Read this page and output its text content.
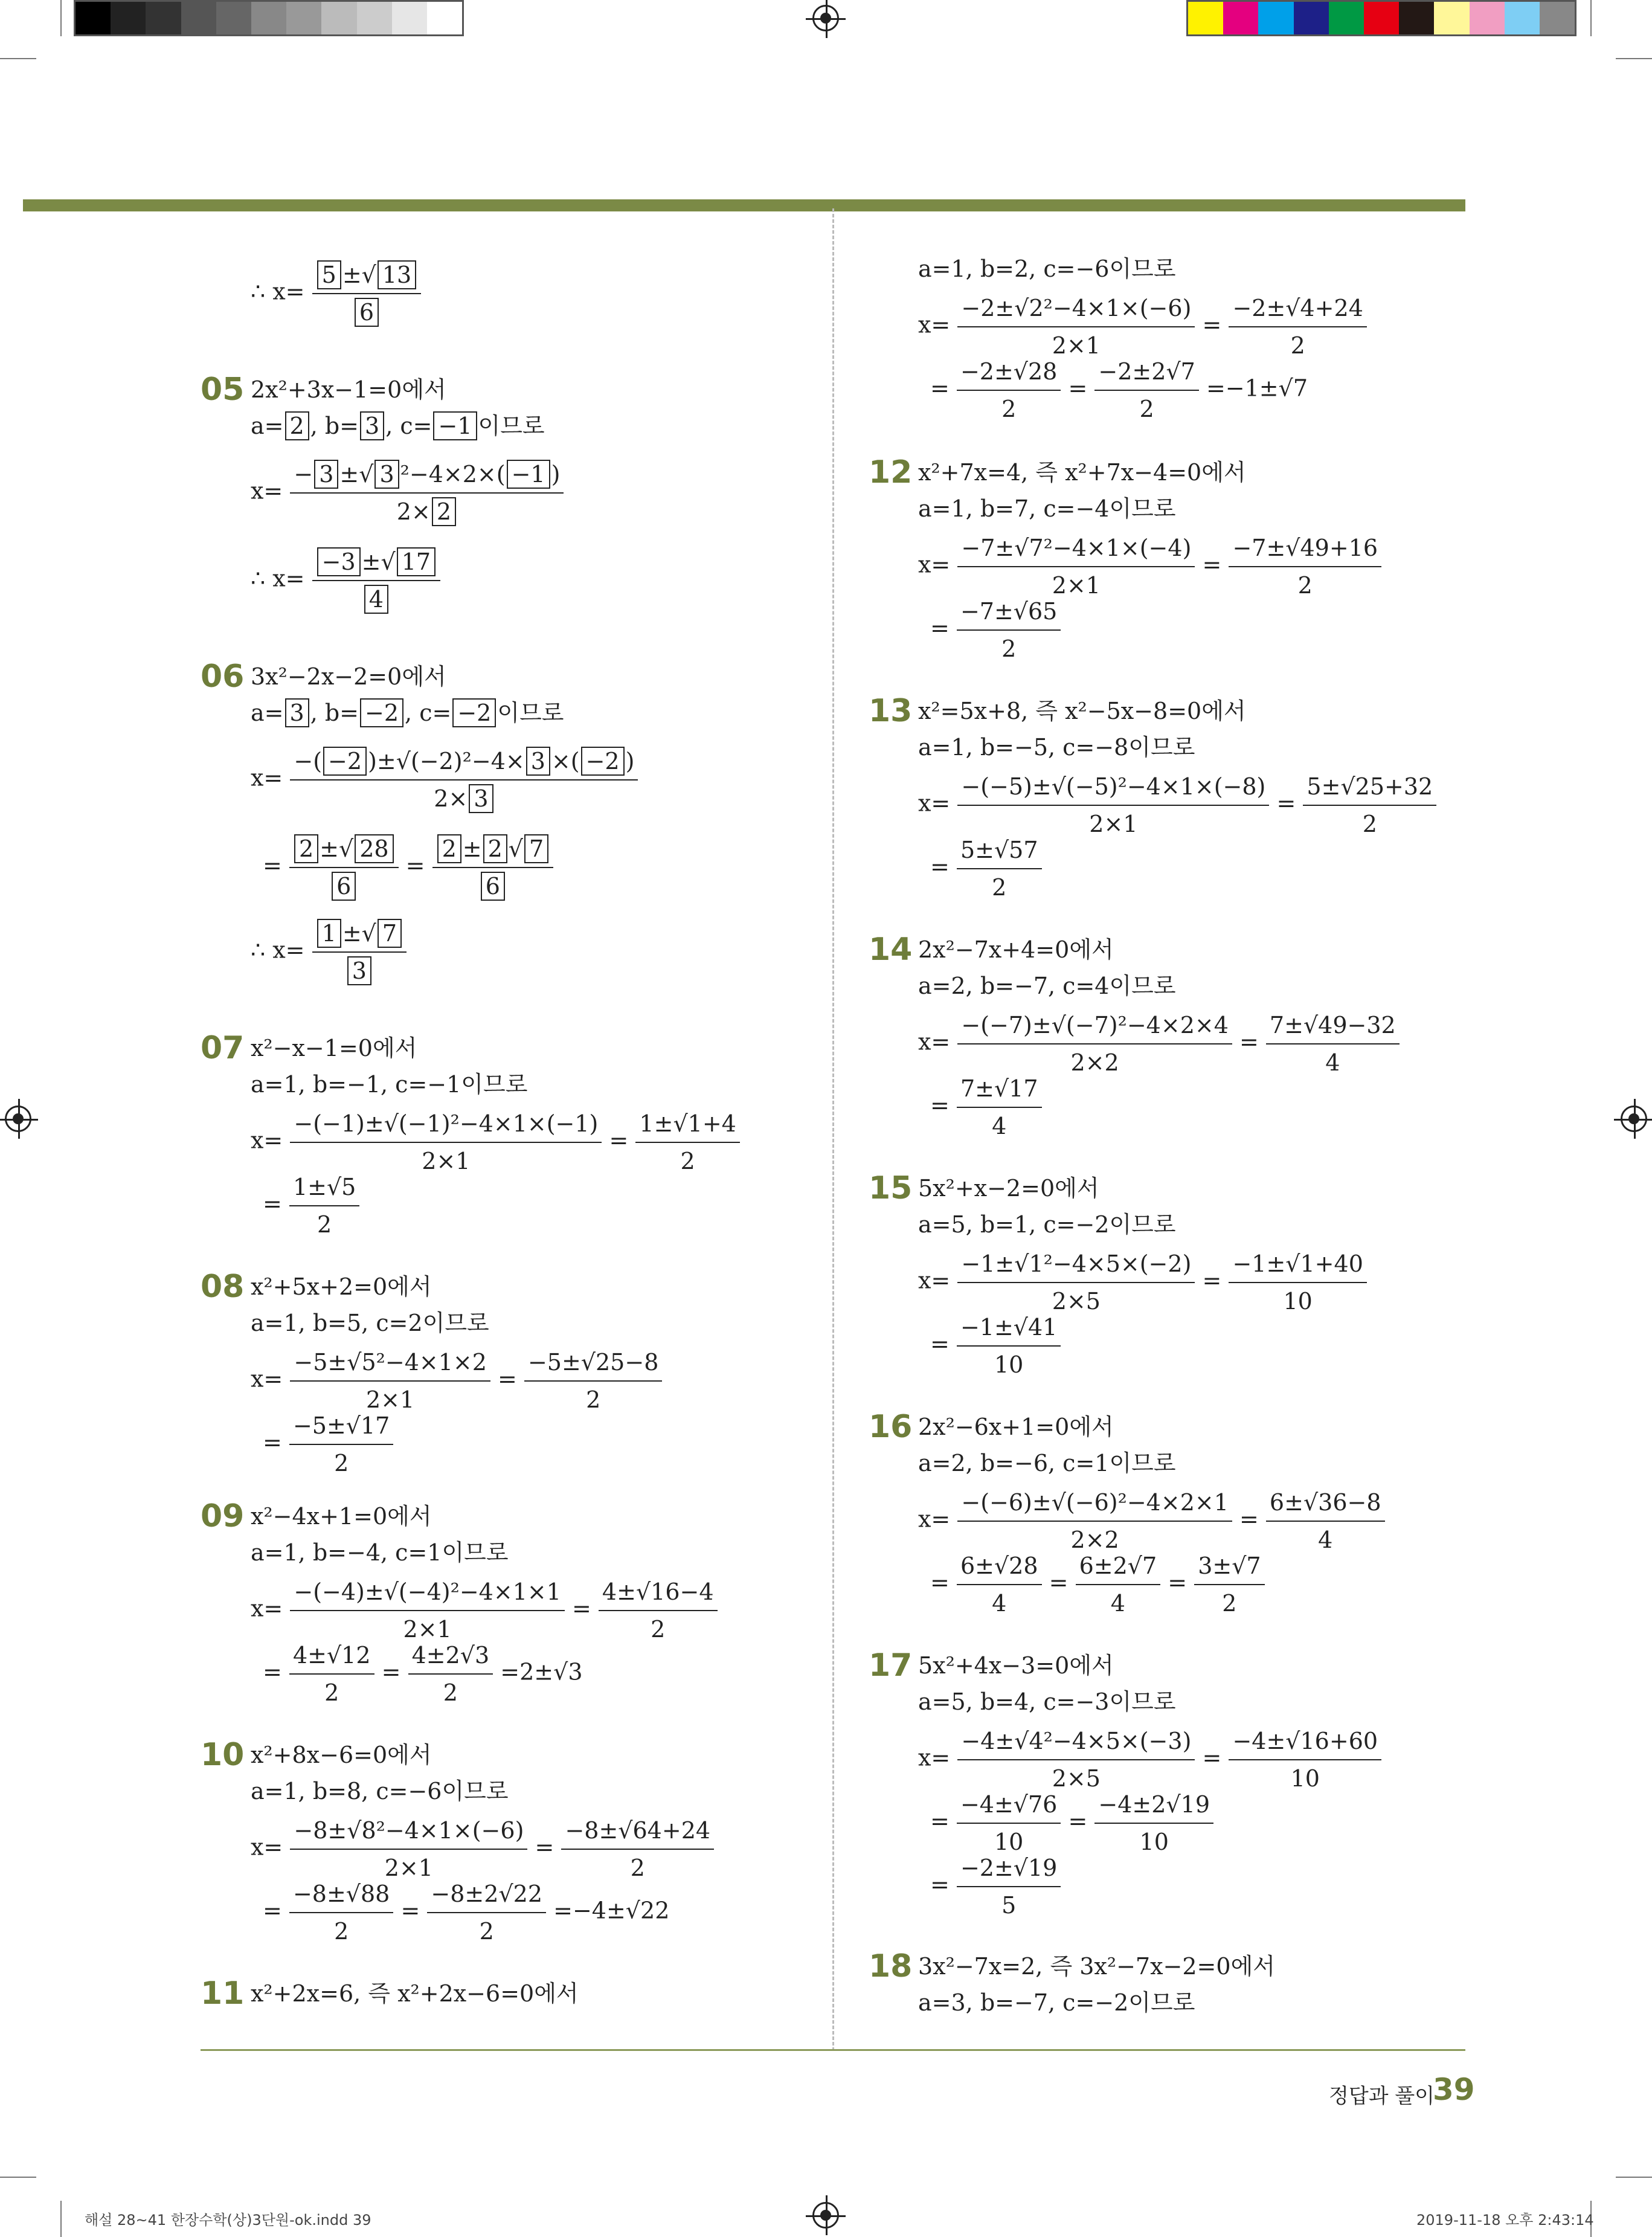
∴ $x= \frac{5 \pm√ 13}{6}$
05 2x²+3x−1=0에서
a= 2 , b= 3 , c= −1 이므로
$x= \frac{\text{− 3 ±√ 3 ²−4×2×( −1 )}}{2\times 2}$
∴ $x= \frac{-3 \pm√ 17}{4}$
06 3x²−2x−2=0에서
a= 3 , b= −2 , c= −2 이므로
$x= \frac{\text{−( −2 )±√(−2)²−4× 3 ×( −2 )}}{2\times 3}$
= $\frac{2 \pm√ 28}{6} = \frac{2 \pm 2 √ 7}{6}$
∴ $x= \frac{1 \pm√ 7}{3}$
07 x²−x−1=0에서
a=1, b=−1, c=−1이므로
$x= \frac{\text{−(−1)±√(−1)²−4×1×(−1)}}{2\times 1} = \frac{1\pm√1+4}{2}$
= $\frac{1\pm√5}{2}$
08 x²+5x+2=0에서
a=1, b=5, c=2이므로
$x= \frac{\text{−5±√5²−4×1×2}}{2\times 1} = \frac{-5\pm√25-8}{2}$
= $\frac{-5\pm√17}{2}$
09 x²−4x+1=0에서
a=1, b=−4, c=1이므로
$x= \frac{\text{−(−4)±√(−4)²−4×1×1}}{2\times 1} = \frac{4\pm√16-4}{2}$
= $\frac{4\pm√12}{2} = \frac{4\pm 2√3}{2} =2\pm√3$
10 x²+8x−6=0에서
a=1, b=8, c=−6이므로
$x= \frac{\text{−8±√8²−4×1×(−6)}}{2\times 1} = \frac{-8\pm√64+24}{2}$
= $\frac{-8\pm√88}{2} = \frac{-8\pm 2√22}{2} =-4\pm√22$
11 x²+2x=6, 즉 x²+2x−6=0에서
a=1, b=2, c=−6이므로
$x= \frac{\text{−2±√2²−4×1×(−6)}}{2\times 1} = \frac{-2\pm√4+24}{2}$
= $\frac{-2\pm√28}{2} = \frac{-2\pm 2√7}{2} =-1\pm√7$
12 x²+7x=4, 즉 x²+7x−4=0에서
a=1, b=7, c=−4이므로
$x= \frac{\text{−7±√7²−4×1×(−4)}}{2\times 1} = \frac{-7\pm√49+16}{2}$
= $\frac{-7\pm√65}{2}$
13 x²=5x+8, 즉 x²−5x−8=0에서
a=1, b=−5, c=−8이므로
$x= \frac{\text{−(−5)±√(−5)²−4×1×(−8)}}{2\times 1} = \frac{5\pm√25+32}{2}$
= $\frac{5\pm√57}{2}$
14 2x²−7x+4=0에서
a=2, b=−7, c=4이므로
$x= \frac{\text{−(−7)±√(−7)²−4×2×4}}{2\times 2} = \frac{7\pm√49-32}{4}$
= $\frac{7\pm√17}{4}$
15 5x²+x−2=0에서
a=5, b=1, c=−2이므로
$x= \frac{\text{−1±√1²−4×5×(−2)}}{2\times 5} = \frac{-1\pm√1+40}{10}$
= $\frac{-1\pm√41}{10}$
16 2x²−6x+1=0에서
a=2, b=−6, c=1이므로
$x= \frac{\text{−(−6)±√(−6)²−4×2×1}}{2\times 2} = \frac{6\pm√36-8}{4}$
= $\frac{6\pm√28}{4} = \frac{6\pm 2√7}{4} = \frac{3\pm√7}{2}$
17 5x²+4x−3=0에서
a=5, b=4, c=−3이므로
$x= \frac{\text{−4±√4²−4×5×(−3)}}{2\times 5} = \frac{-4\pm√16+60}{10}$
= $\frac{-4\pm√76}{10} = \frac{-4\pm 2√19}{10}$
= $\frac{-2\pm√19}{5}$
18 3x²−7x=2, 즉 3x²−7x−2=0에서
a=3, b=−7, c=−2이므로
정답과 풀이
39
해설 28~41 한장수학(상)3단원-ok.indd 39	2019-11-18 오후 2:43:14
